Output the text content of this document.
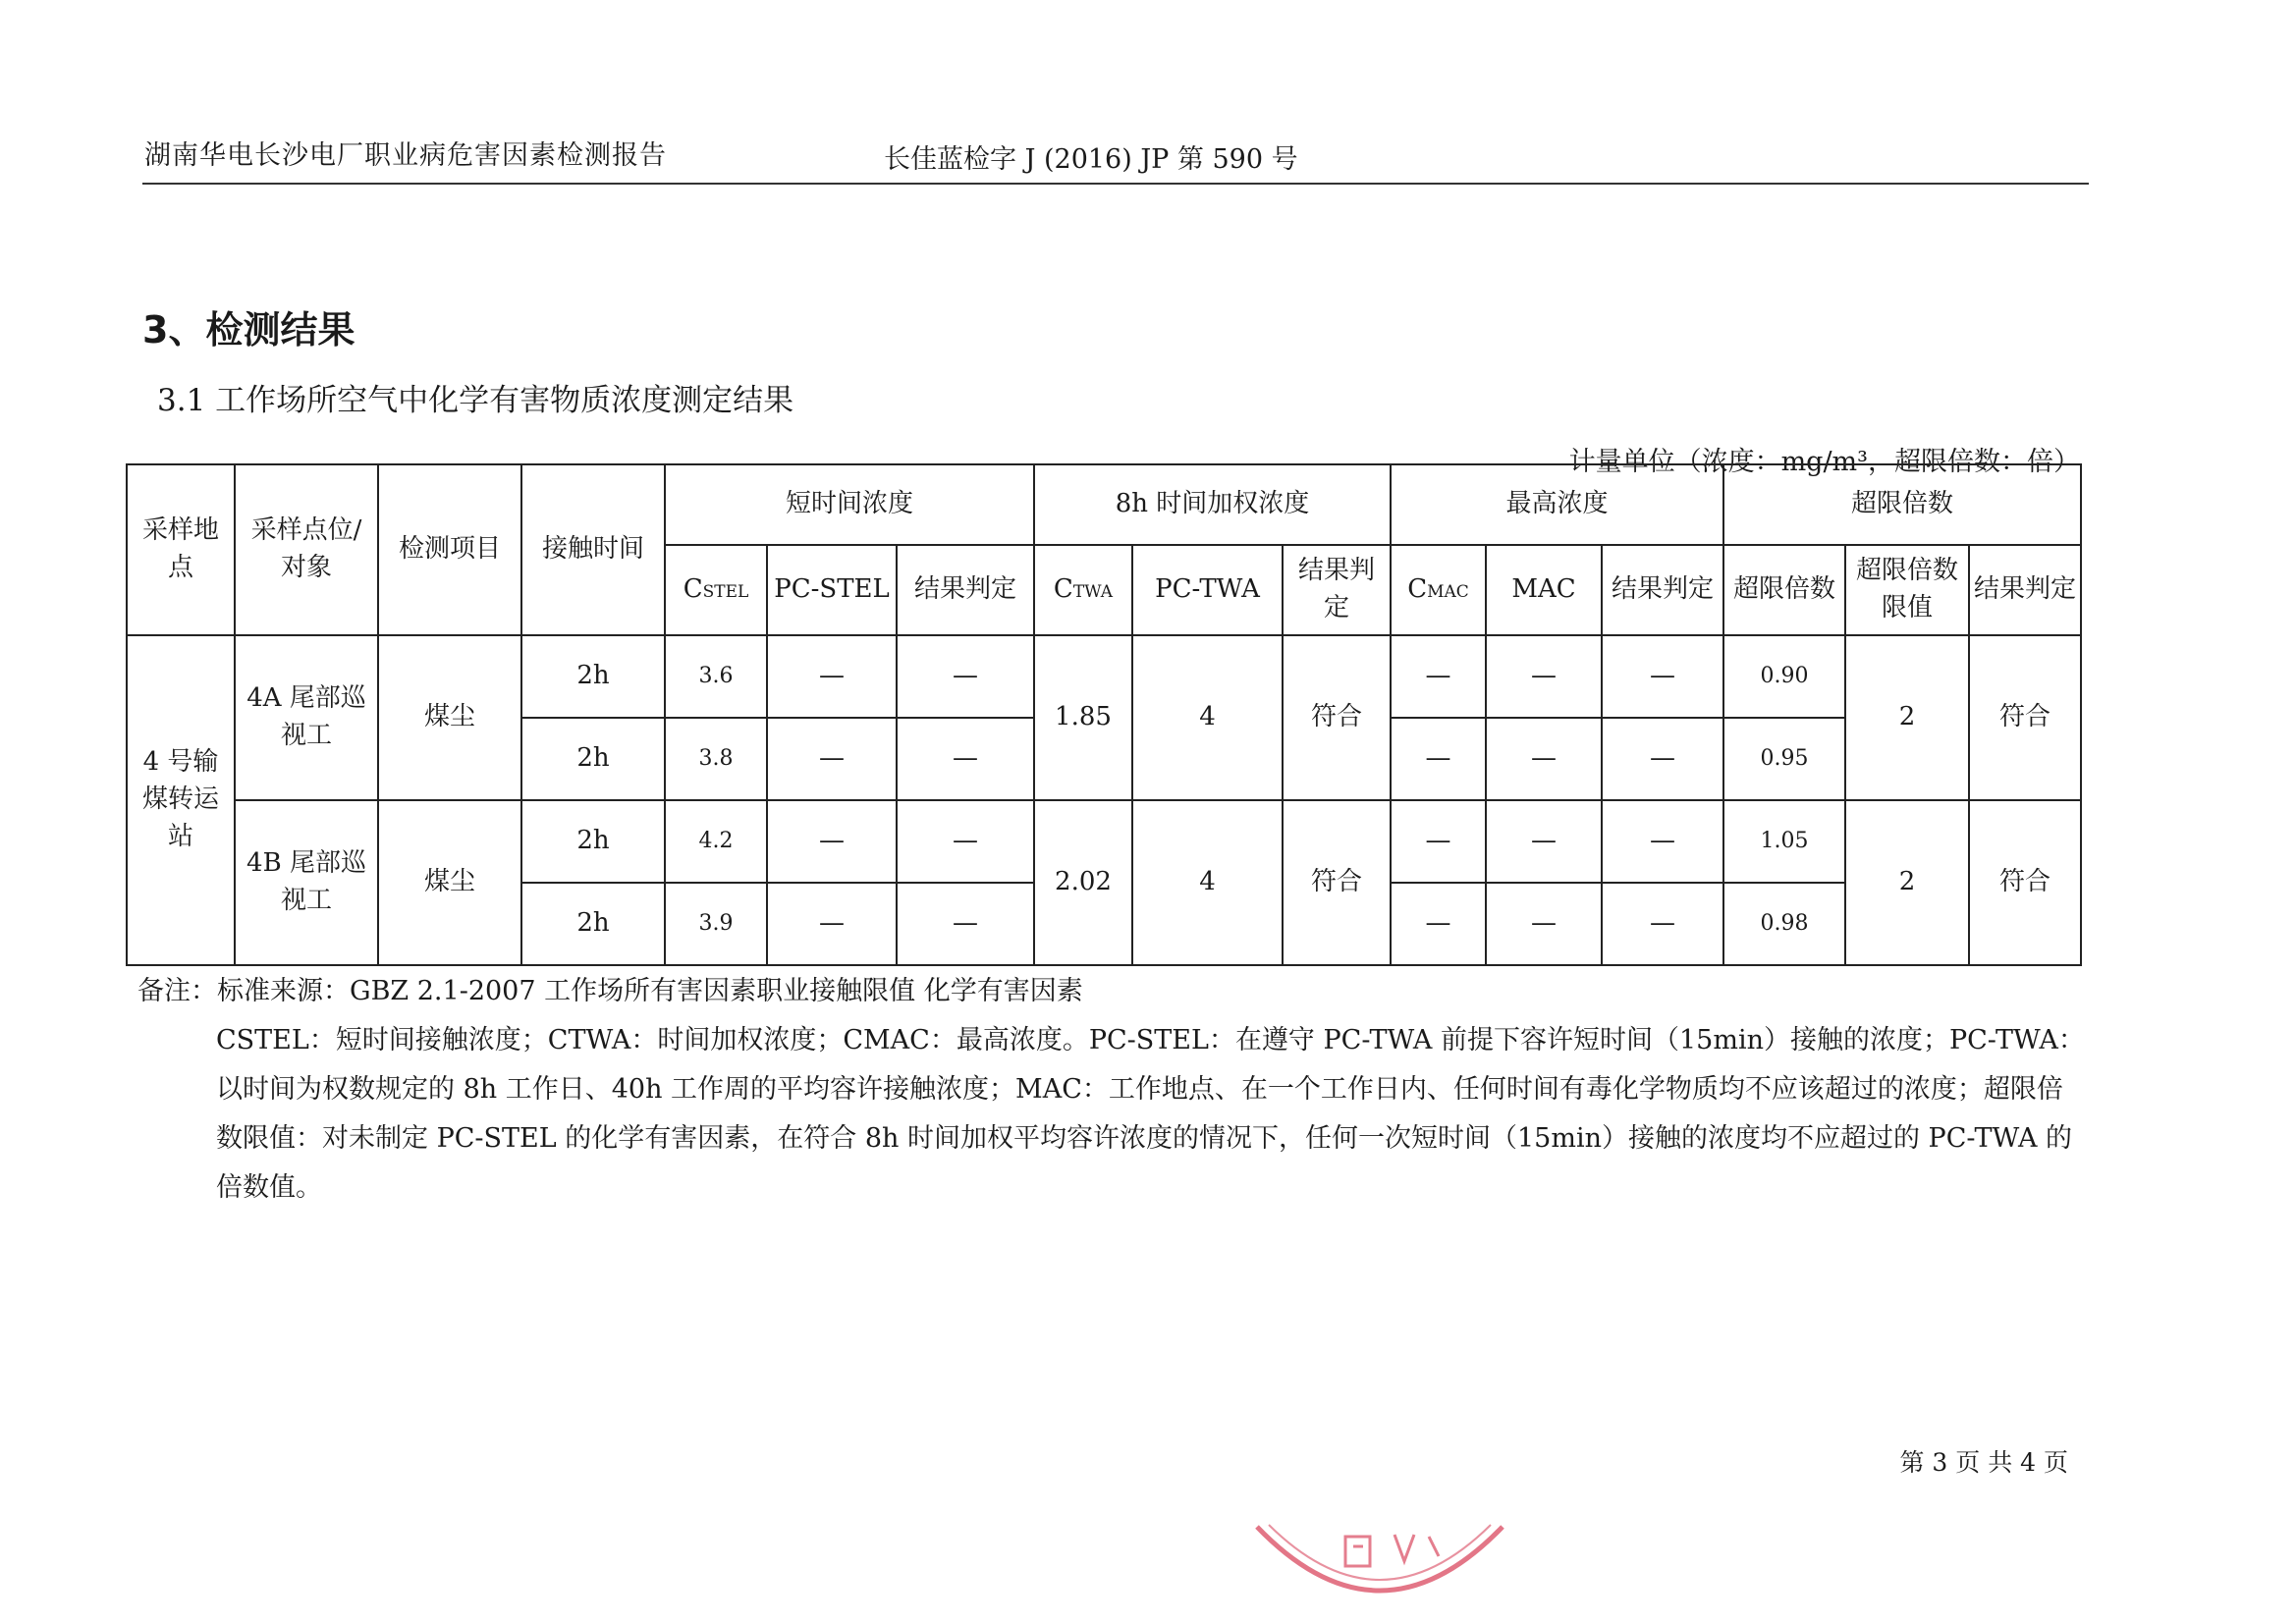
湖南华电长沙电厂职业病危害因素检测报告	长佳蓝检字 J (2016) JP 第 590 号
3、检测结果
3.1 工作场所空气中化学有害物质浓度测定结果
计量单位（浓度：mg/m³，超限倍数：倍）
采样地点	采样点位/对象	检测项目	接触时间	短时间浓度			8h 时间加权浓度			最高浓度			超限倍数		
				CSTEL	PC-STEL	结果判定	CTWA	PC-TWA	结果判定	CMAC	MAC	结果判定	超限倍数	超限倍数限值	结果判定
4 号输煤转运站	4A 尾部巡视工	煤尘	2h	3.6	—	—	1.85	4	符合	—	—	—	0.90	2	符合
			2h	3.8	—	—				—	—	—	0.95		
	4B 尾部巡视工	煤尘	2h	4.2	—	—	2.02	4	符合	—	—	—	1.05	2	符合
			2h	3.9	—	—				—	—	—	0.98		

备注：标准来源：GBZ 2.1-2007 工作场所有害因素职业接触限值 化学有害因素

CSTEL：短时间接触浓度；CTWA：时间加权浓度；CMAC：最高浓度。PC-STEL：在遵守 PC-TWA 前提下容许短时间（15min）接触的浓度；PC-TWA：以时间为权数规定的 8h 工作日、40h 工作周的平均容许接触浓度；MAC：工作地点、在一个工作日内、任何时间有毒化学物质均不应该超过的浓度；超限倍数限值：对未制定 PC-STEL 的化学有害因素，在符合 8h 时间加权平均容许浓度的情况下，任何一次短时间（15min）接触的浓度均不应超过的 PC-TWA 的倍数值。

第 3 页 共 4 页
